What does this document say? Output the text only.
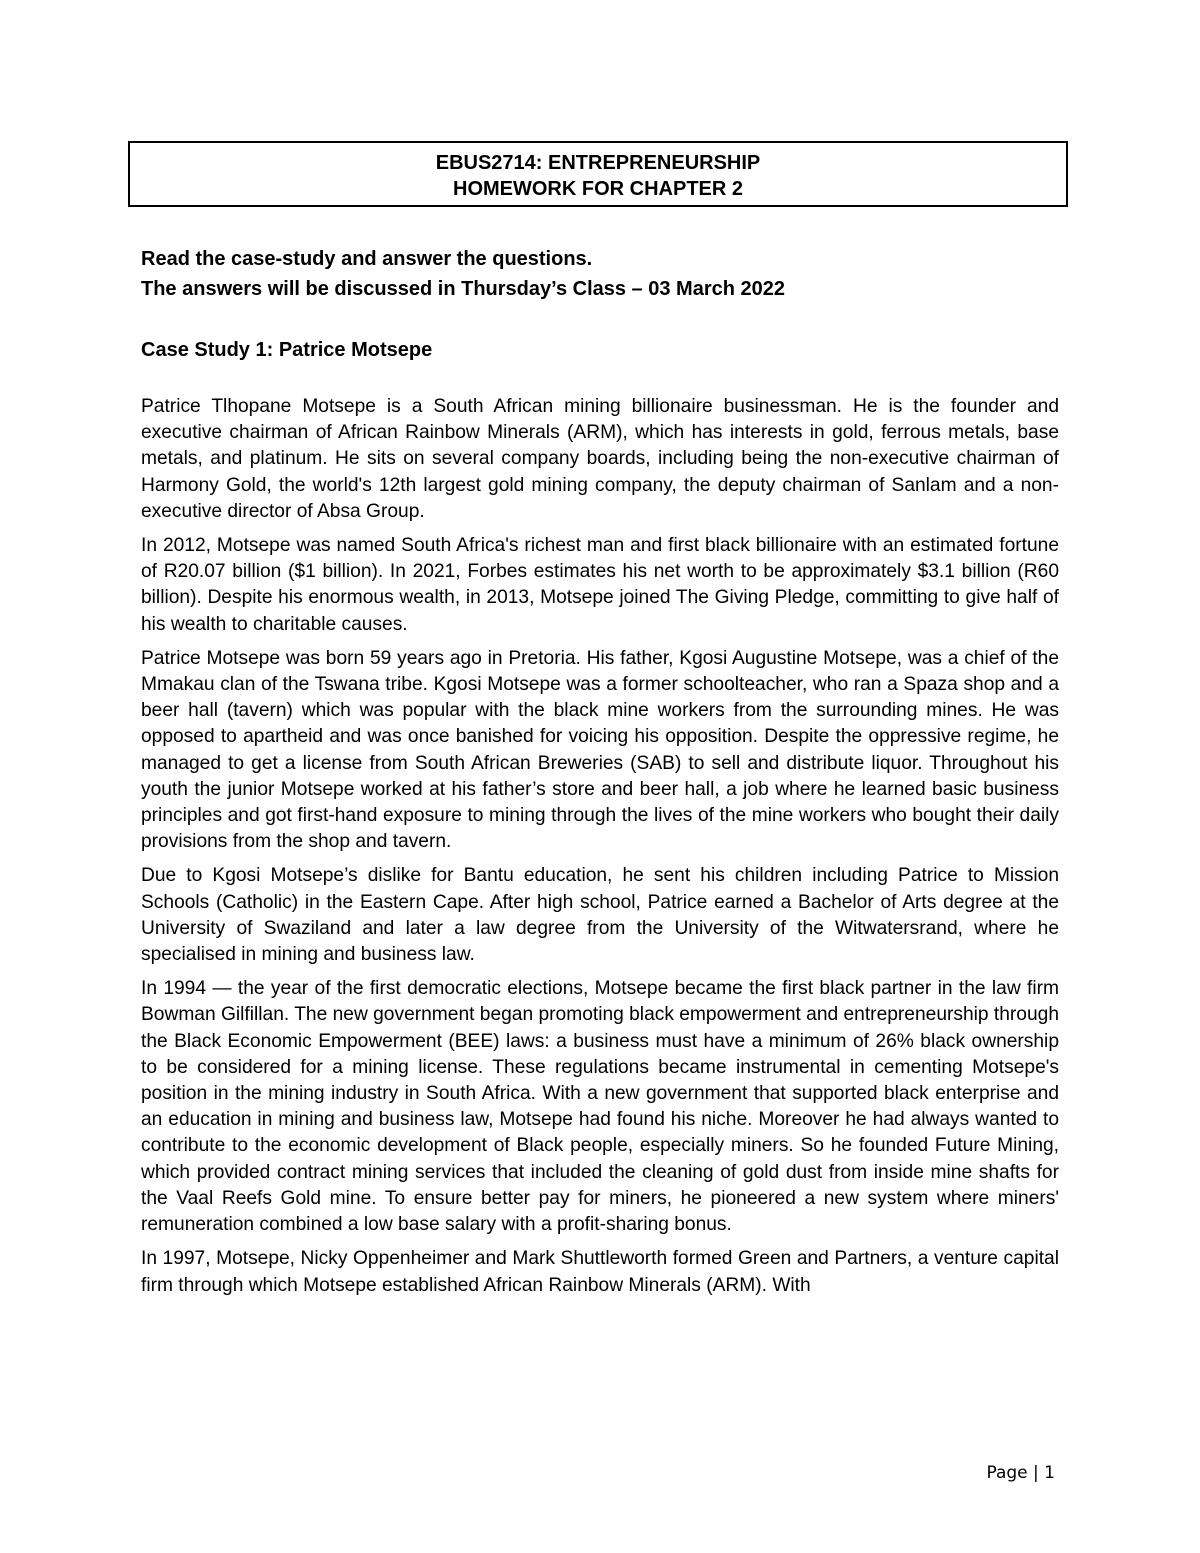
EBUS2714: ENTREPRENEURSHIP
HOMEWORK FOR CHAPTER 2
Read the case-study and answer the questions.
The answers will be discussed in Thursday’s Class – 03 March 2022
Case Study 1: Patrice Motsepe

Patrice Tlhopane Motsepe is a South African mining billionaire businessman. He is the founder and executive chairman of African Rainbow Minerals (ARM), which has interests in gold, ferrous metals, base metals, and platinum. He sits on several company boards, including being the non-executive chairman of Harmony Gold, the world's 12th largest gold mining company, the deputy chairman of Sanlam and a non-executive director of Absa Group.

In 2012, Motsepe was named South Africa's richest man and first black billionaire with an estimated fortune of R20.07 billion ($1 billion). In 2021, Forbes estimates his net worth to be approximately $3.1 billion (R60 billion). Despite his enormous wealth, in 2013, Motsepe joined The Giving Pledge, committing to give half of his wealth to charitable causes.

Patrice Motsepe was born 59 years ago in Pretoria. His father, Kgosi Augustine Motsepe, was a chief of the Mmakau clan of the Tswana tribe. Kgosi Motsepe was a former schoolteacher, who ran a Spaza shop and a beer hall (tavern) which was popular with the black mine workers from the surrounding mines. He was opposed to apartheid and was once banished for voicing his opposition. Despite the oppressive regime, he managed to get a license from South African Breweries (SAB) to sell and distribute liquor. Throughout his youth the junior Motsepe worked at his father’s store and beer hall, a job where he learned basic business principles and got first-hand exposure to mining through the lives of the mine workers who bought their daily provisions from the shop and tavern.

Due to Kgosi Motsepe’s dislike for Bantu education, he sent his children including Patrice to Mission Schools (Catholic) in the Eastern Cape. After high school, Patrice earned a Bachelor of Arts degree at the University of Swaziland and later a law degree from the University of the Witwatersrand, where he specialised in mining and business law.

In 1994 — the year of the first democratic elections, Motsepe became the first black partner in the law firm Bowman Gilfillan. The new government began promoting black empowerment and entrepreneurship through the Black Economic Empowerment (BEE) laws: a business must have a minimum of 26% black ownership to be considered for a mining license. These regulations became instrumental in cementing Motsepe's position in the mining industry in South Africa. With a new government that supported black enterprise and an education in mining and business law, Motsepe had found his niche. Moreover he had always wanted to contribute to the economic development of Black people, especially miners. So he founded Future Mining, which provided contract mining services that included the cleaning of gold dust from inside mine shafts for the Vaal Reefs Gold mine. To ensure better pay for miners, he pioneered a new system where miners' remuneration combined a low base salary with a profit-sharing bonus.

In 1997, Motsepe, Nicky Oppenheimer and Mark Shuttleworth formed Green and Partners, a venture capital firm through which Motsepe established African Rainbow Minerals (ARM). With

Page | 1
